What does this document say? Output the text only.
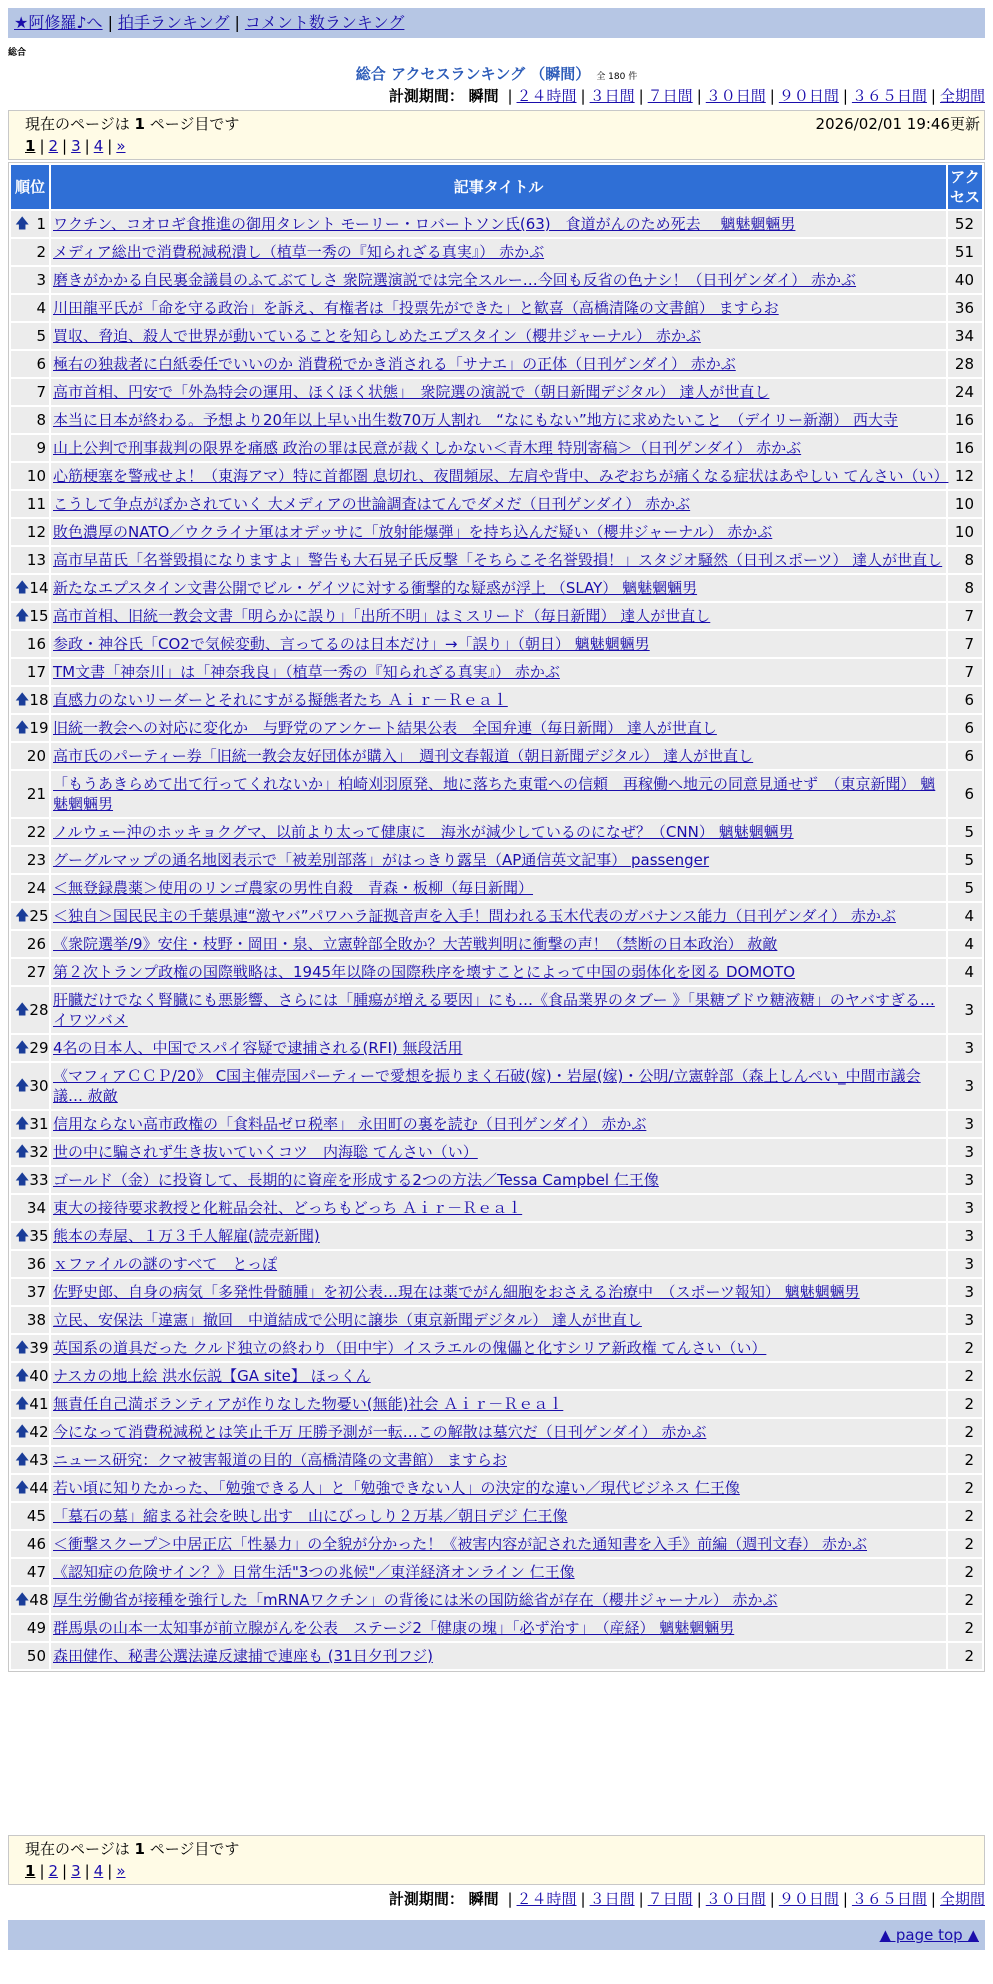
★阿修羅♪へ | 拍手ランキング | コメント数ランキング
総合
総合 アクセスランキング （瞬間） 全 180 件
計測期間： 瞬間 | ２４時間 | ３日間 | ７日間 | ３０日間 | ９０日間 | ３６５日間 | 全期間
現在のページは 1 ページ目です	2026/02/01 19:46更新
1 | 2 | 3 | 4 | »
順位	記事タイトル	アクセス

🡅 1	ワクチン、コオロギ食推進の御用タレント モーリー・ロバートソン氏(63)　食道がんのため死去　 魑魅魍魎男	52
2	メディア総出で消費税減税潰し（植草一秀の『知られざる真実』） 赤かぶ	51
3	磨きがかかる自民裏金議員のふてぶてしさ 衆院選演説では完全スルー…今回も反省の色ナシ！（日刊ゲンダイ） 赤かぶ	40
4	川田龍平氏が「命を守る政治」を訴え、有権者は「投票先ができた」と歓喜（高橋清隆の文書館） ますらお	36
5	買収、脅迫、殺人で世界が動いていることを知らしめたエプスタイン（櫻井ジャーナル） 赤かぶ	34
6	極右の独裁者に白紙委任でいいのか 消費税でかき消される「サナエ」の正体（日刊ゲンダイ） 赤かぶ	28
7	高市首相、円安で「外為特会の運用、ほくほく状態」　衆院選の演説で（朝日新聞デジタル） 達人が世直し	24
8	本当に日本が終わる。予想より20年以上早い出生数70万人割れ　“なにもない”地方に求めたいこと　（デイリー新潮） 西大寺	16
9	山上公判で刑事裁判の限界を痛感 政治の罪は民意が裁くしかない＜青木理 特別寄稿＞（日刊ゲンダイ） 赤かぶ	16
10	心筋梗塞を警戒せよ！（東海アマ）特に首都圏 息切れ、夜間頻尿、左肩や背中、みぞおちが痛くなる症状はあやしい てんさい（い）	12
11	こうして争点がぼかされていく 大メディアの世論調査はてんでダメだ（日刊ゲンダイ） 赤かぶ	10
12	敗色濃厚のNATO／ウクライナ軍はオデッサに「放射能爆弾」を持ち込んだ疑い（櫻井ジャーナル） 赤かぶ	10
13	高市早苗氏「名誉毀損になりますよ」警告も大石晃子氏反撃「そちらこそ名誉毀損！」スタジオ騒然（日刊スポーツ） 達人が世直し	8

🡅 14	新たなエプスタイン文書公開でビル・ゲイツに対する衝撃的な疑惑が浮上 （SLAY） 魑魅魍魎男	8

🡅 15	高市首相、旧統一教会文書「明らかに誤り」「出所不明」はミスリード（毎日新聞） 達人が世直し	7
16	参政・神谷氏「CO2で気候変動、言ってるのは日本だけ」→「誤り」（朝日） 魑魅魍魎男	7
17	TM文書「神奈川」は「神奈我良」（植草一秀の『知られざる真実』） 赤かぶ	7

🡅 18	直感力のないリーダーとそれにすがる擬態者たち Ａｉｒ－Ｒｅａｌ	6

🡅 19	旧統一教会への対応に変化か　与野党のアンケート結果公表　全国弁連（毎日新聞） 達人が世直し	6
20	高市氏のパーティー券「旧統一教会友好団体が購入」　週刊文春報道（朝日新聞デジタル） 達人が世直し	6
21	「もうあきらめて出て行ってくれないか」柏崎刈羽原発、地に落ちた東電への信頼　再稼働へ地元の同意見通せず　（東京新聞） 魑魅魍魎男	6
22	ノルウェー沖のホッキョクグマ、以前より太って健康に　海氷が減少しているのになぜ？（CNN） 魑魅魍魎男	5
23	グーグルマップの通名地図表示で「被差別部落」がはっきり露呈（AP通信英文記事） passenger	5
24	＜無登録農薬＞使用のリンゴ農家の男性自殺　青森・板柳（毎日新聞）	5

🡅 25	＜独自＞国民民主の千葉県連“激ヤバ”パワハラ証拠音声を入手！問われる玉木代表のガバナンス能力（日刊ゲンダイ） 赤かぶ	4
26	《衆院選挙/9》安住・枝野・岡田・泉、立憲幹部全敗か？大苦戦判明に衝撃の声！（禁断の日本政治） 赦敵	4
27	第２次トランプ政権の国際戦略は、1945年以降の国際秩序を壊すことによって中国の弱体化を図る DOMOTO	4

🡅 28	肝臓だけでなく腎臓にも悪影響、さらには「腫瘍が増える要因」にも…《食品業界のタブー 》「果糖ブドウ糖液糖」のヤバすぎる… イワツバメ	3

🡅 29	4名の日本人、中国でスパイ容疑で逮捕される(RFI) 無段活用	3

🡅 30	《マフィアＣＣＰ/20》 C国主催売国パーティーで愛想を振りまく石破(嫁)・岩屋(嫁)・公明/立憲幹部（森上しんぺい_中間市議会議… 赦敵	3

🡅 31	信用ならない高市政権の「食料品ゼロ税率」 永田町の裏を読む（日刊ゲンダイ） 赤かぶ	3

🡅 32	世の中に騙されず生き抜いていくコツ　内海聡 てんさい（い）	3

🡅 33	ゴールド（金）に投資して、長期的に資産を形成する2つの方法／Tessa Campbel 仁王像	3
34	東大の接待要求教授と化粧品会社、どっちもどっち Ａｉｒ－Ｒｅａｌ	3

🡅 35	熊本の寿屋、１万３千人解雇(読売新聞)	3
36	ｘファイルの謎のすべて　とっぽ	3
37	佐野史郎、自身の病気「多発性骨髄腫」を初公表…現在は薬でがん細胞をおさえる治療中　（スポーツ報知） 魑魅魍魎男	3
38	立民、安保法「違憲」撤回　中道結成で公明に譲歩（東京新聞デジタル） 達人が世直し	3

🡅 39	英国系の道具だった クルド独立の終わり（田中宇）イスラエルの傀儡と化すシリア新政権 てんさい（い）	2

🡅 40	ナスカの地上絵 洪水伝説【GA site】 ほっくん	2

🡅 41	無責任自己満ボランティアが作りなした物憂い(無能)社会 Ａｉｒ－Ｒｅａｌ	2

🡅 42	今になって消費税減税とは笑止千万 圧勝予測が一転…この解散は墓穴だ（日刊ゲンダイ） 赤かぶ	2

🡅 43	ニュース研究：クマ被害報道の目的（高橋清隆の文書館） ますらお	2

🡅 44	若い頃に知りたかった、「勉強できる人」と「勉強できない人」の決定的な違い／現代ビジネス 仁王像	2
45	「墓石の墓」縮まる社会を映し出す　山にびっしり２万基／朝日デジ 仁王像	2
46	＜衝撃スクープ＞中居正広「性暴力」の全貌が分かった！《被害内容が記された通知書を入手》前編（週刊文春） 赤かぶ	2
47	《認知症の危険サイン？》日常生活"3つの兆候"／東洋経済オンライン 仁王像	2

🡅 48	厚生労働省が接種を強行した「mRNAワクチン」の背後には米の国防総省が存在（櫻井ジャーナル） 赤かぶ	2
49	群馬県の山本一太知事が前立腺がんを公表　ステージ2「健康の塊」「必ず治す」　（産経） 魑魅魍魎男	2
50	森田健作、秘書公選法違反逮捕で連座も (31日夕刊フジ)	2
現在のページは 1 ページ目です
1 | 2 | 3 | 4 | »
計測期間： 瞬間 | ２４時間 | ３日間 | ７日間 | ３０日間 | ９０日間 | ３６５日間 | 全期間
▲ page top ▲
